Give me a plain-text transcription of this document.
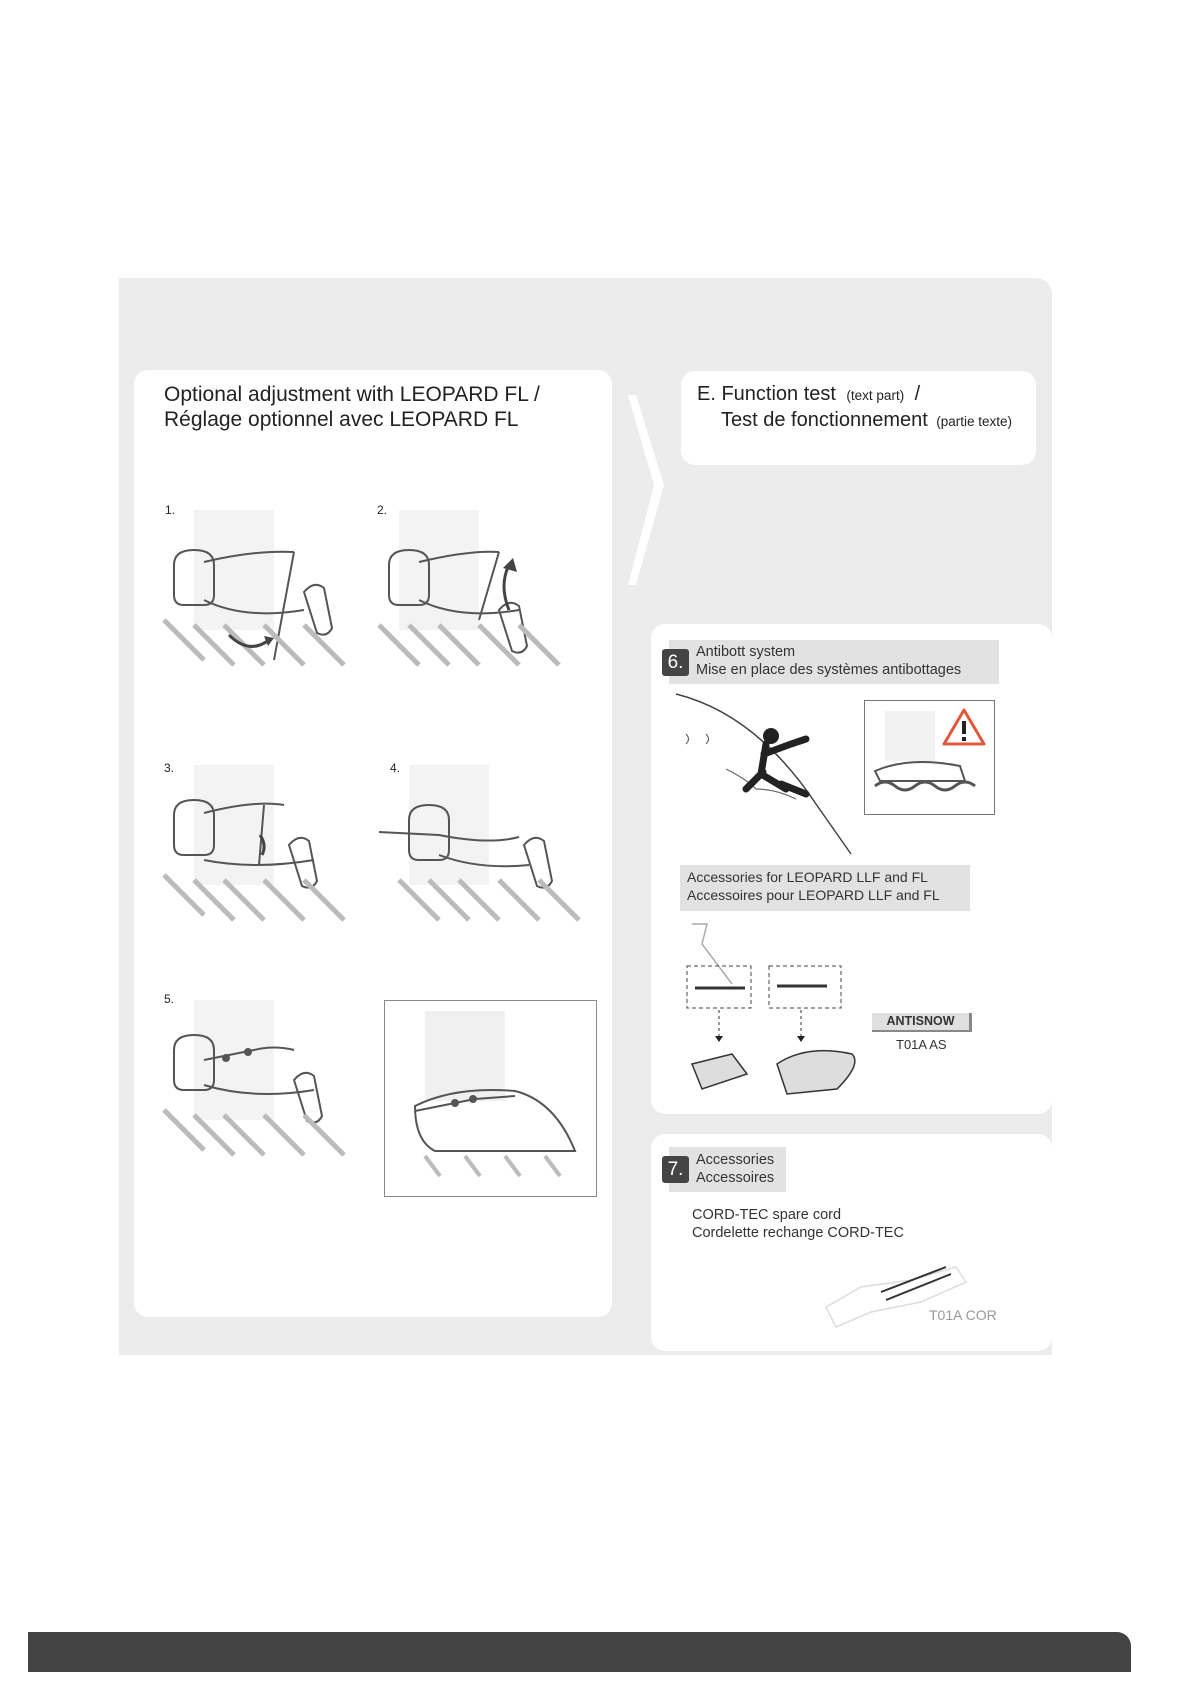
Optional adjustment with LEOPARD FL /
Réglage optionnel avec LEOPARD FL
1.	2.
3.	4.
5.
E. Function test (text part) /
Test de fonctionnement (partie texte)
6. Antibott system
Mise en place des systèmes antibottages
Accessories for LEOPARD LLF and FL
Accessoires pour LEOPARD LLF and FL
ANTISNOW
T01A AS
7. Accessories
Accessoires
CORD-TEC spare cord
Cordelette rechange CORD-TEC
T01A COR
